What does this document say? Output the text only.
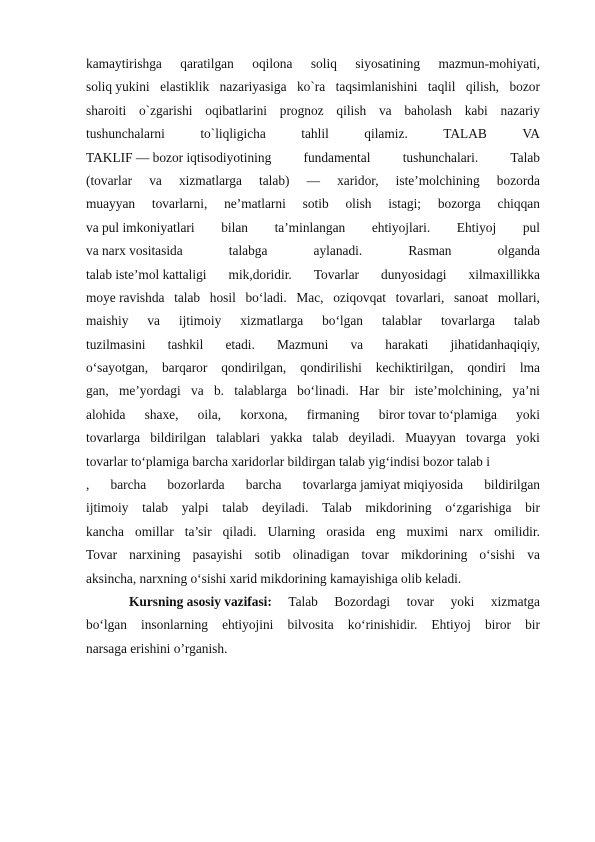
kamaytirishga qaratilgan oqilona soliq siyosatining mazmun-mohiyati,
soliq yukini elastiklik nazariyasiga ko`ra taqsimlanishini taqlil qilish, bozor
sharoiti o`zgarishi oqibatlarini prognoz qilish va baholash kabi nazariy
tushunchalarni	to`liqligicha	tahlil	qilamiz.	TALAB	VA
TAKLIF — bozor iqtisodiyotining fundamental tushunchalari. Talab
(tovarlar va xizmatlarga talab) — xaridor, iste’molchining bozorda
muayyan tovarlarni, ne’matlarni sotib olish istagi; bozorga chiqqan
va pul imkoniyatlari bilan ta’minlangan ehtiyojlari. Ehtiyoj pul
va narx vositasida	talabga	aylanadi.	Rasman	olganda
talab iste’mol kattaligi mik,doridir. Tovarlar dunyosidagi xilmaxillikka
moye ravishda talab hosil bo‘ladi. Mac, oziqovqat tovarlari, sanoat mollari,
maishiy va ijtimoiy xizmatlarga bo‘lgan talablar tovarlarga talab
tuzilmasini tashkil etadi. Mazmuni va harakati jihatidanhaqiqiy,
o‘sayotgan, barqaror qondirilgan, qondirilishi kechiktirilgan, qondiri lma
gan, me’yordagi va b. talablarga bo‘linadi. Har bir iste’molchining, ya’ni
alohida shaxe, oila, korxona, firmaning biror tovar to‘plamiga yoki
tovarlarga bildirilgan talablari yakka talab deyiladi. Muayyan tovarga yoki
tovarlar to‘plamiga barcha xaridorlar bildirgan talab yig‘indisi bozor talab i
, barcha bozorlarda barcha tovarlarga jamiyat miqiyosida bildirilgan
ijtimoiy talab yalpi talab deyiladi. Talab mikdorining o‘zgarishiga bir
kancha omillar ta’sir qiladi. Ularning orasida eng muximi narx omilidir.
Tovar narxining pasayishi sotib olinadigan tovar mikdorining o‘sishi va
aksincha, narxning o‘sishi xarid mikdorining kamayishiga olib keladi.
Kursning asosiy vazifasi: Talab Bozordagi tovar yoki xizmatga
bo‘lgan insonlarning ehtiyojini bilvosita ko‘rinishidir. Ehtiyoj biror bir
narsaga erishini o’rganish.
